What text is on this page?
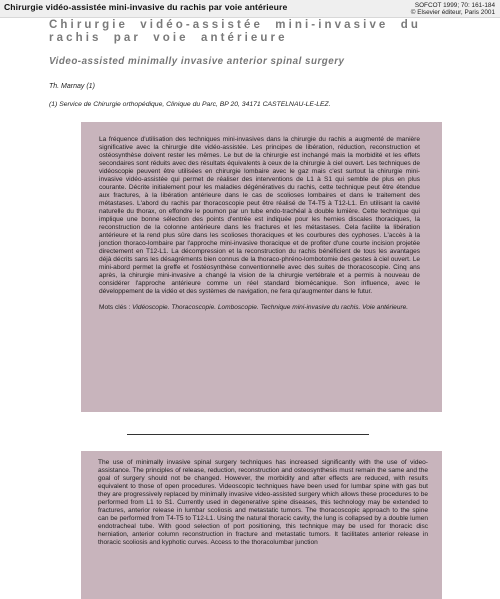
Chirurgie vidéo-assistée mini-invasive du rachis par voie antérieure	SOFCOT 1999; 70: 161-184
© Elsevier éditeur, Paris 2001
Chirurgie vidéo-assistée mini-invasive du rachis par voie antérieure
Video-assisted minimally invasive anterior spinal surgery
Th. Marnay (1)
(1) Service de Chirurgie orthopédique, Clinique du Parc, BP 20, 34171 CASTELNAU-LE-LEZ.

La fréquence d'utilisation des techniques mini-invasives dans la chirurgie du rachis a augmenté de manière significative avec la chirurgie dite vidéo-assistée. Les principes de libération, réduction, reconstruction et ostéosynthèse doivent rester les mêmes. Le but de la chirurgie est inchangé mais la morbidité et les effets secondaires sont réduits avec des résultats équivalents à ceux de la chirurgie à ciel ouvert. Les techniques de vidéoscopie peuvent être utilisées en chirurgie lombaire avec le gaz mais c'est surtout la chirurgie mini-invasive vidéo-assistée qui permet de réaliser des interventions de L1 à S1 qui semble de plus en plus courante. Décrite initialement pour les maladies dégénératives du rachis, cette technique peut être étendue aux fractures, à la libération antérieure dans le cas de scolioses lombaires et dans le traitement des métastases. L'abord du rachis par thoracoscopie peut être réalisé de T4-T5 à T12-L1. En utilisant la cavité naturelle du thorax, on effondre le poumon par un tube endo-trachéal à double lumière. Cette technique qui implique une bonne sélection des points d'entrée est indiquée pour les hernies discales thoraciques, la reconstruction de la colonne antérieure dans les fractures et les métastases. Cela facilite la libération antérieure et la rend plus sûre dans les scolioses thoraciques et les courbures des cyphoses. L'accès à la jonction thoraco-lombaire par l'approche mini-invasive thoracique et de profiter d'une courte incision projetée directement en T12-L1. La décompression et la reconstruction du rachis bénéficient de tous les avantages déjà décrits sans les désagréments bien connus de la thoraco-phréno-lombotomie des gestes à ciel ouvert. Le mini-abord permet la greffe et l'ostéosynthèse conventionnelle avec des suites de thoracoscopie. Cinq ans après, la chirurgie mini-invasive a changé la vision de la chirurgie vertébrale et a permis à nouveau de considérer l'approche antérieure comme un réel standard biomécanique. Son influence, avec le développement de la vidéo et des systèmes de navigation, ne fera qu'augmenter dans le futur.

Mots clés : Vidéoscopie. Thoracoscopie. Lomboscopie. Technique mini-invasive du rachis. Voie antérieure.

The use of minimally invasive spinal surgery techniques has increased significantly with the use of video-assistance. The principles of release, reduction, reconstruction and osteosynthesis must remain the same and the goal of surgery should not be changed. However, the morbidity and after effects are reduced, with results equivalent to those of open procedures. Videoscopic techniques have been used for lumbar spine with gas but they are progressively replaced by minimally invasive video-assisted surgery which allows these procedures to be performed from L1 to S1. Currently used in degenerative spine diseases, this technology may be extended to fractures, anterior release in lumbar scoliosis and metastatic tumors. The thoracoscopic approach to the spine can be performed from T4-T5 to T12-L1. Using the natural thoracic cavity, the lung is collapsed by a double lumen endotracheal tube. With good selection of port positioning, this technique may be used for thoracic disc herniation, anterior column reconstruction in fracture and metastatic tumors. It facilitates anterior release in thoracic scoliosis and kyphotic curves. Access to the thoracolumbar junction
